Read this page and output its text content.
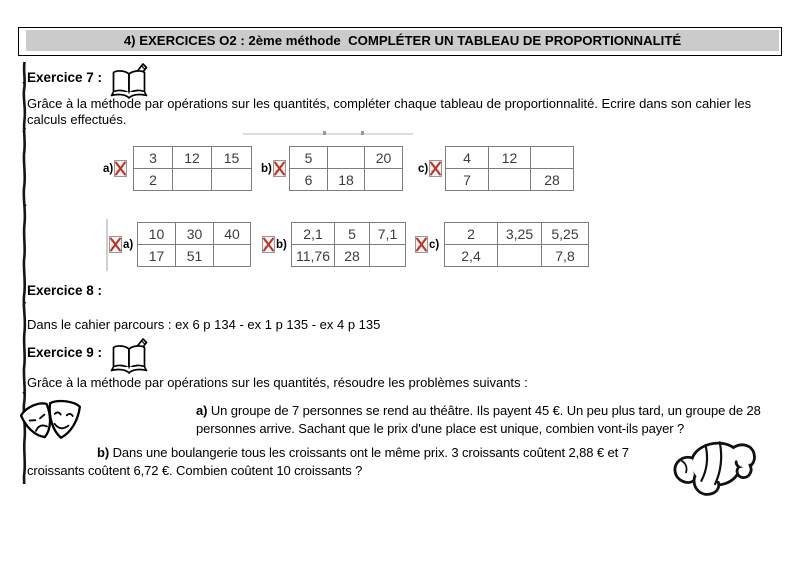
4) EXERCICES O2 : 2ème méthode  COMPLÉTER UN TABLEAU DE PROPORTIONNALITÉ
Exercice 7 :
Grâce à la méthode par opérations sur les quantités, compléter chaque tableau de proportionnalité. Ecrire dans son cahier les calculs effectués.
a)
3	12	15
2		
b)
5		20
6	18	
c)
4	12	
7		28
a)
10	30	40
17	51	
b)
2,1	5	7,1
11,76	28	
c)
2	3,25	5,25
2,4		7,8
Exercice 8 :
Dans le cahier parcours : ex 6 p 134 - ex 1 p 135 - ex 4 p 135
Exercice 9 :
Grâce à la méthode par opérations sur les quantités, résoudre les problèmes suivants :
a) Un groupe de 7 personnes se rend au théâtre. Ils payent 45 €. Un peu plus tard, un groupe de 28 personnes arrive. Sachant que le prix d'une place est unique, combien vont-ils payer ?
b) Dans une boulangerie tous les croissants ont le même prix. 3 croissants coûtent 2,88 € et 7 croissants coûtent 6,72 €. Combien coûtent 10 croissants ?
